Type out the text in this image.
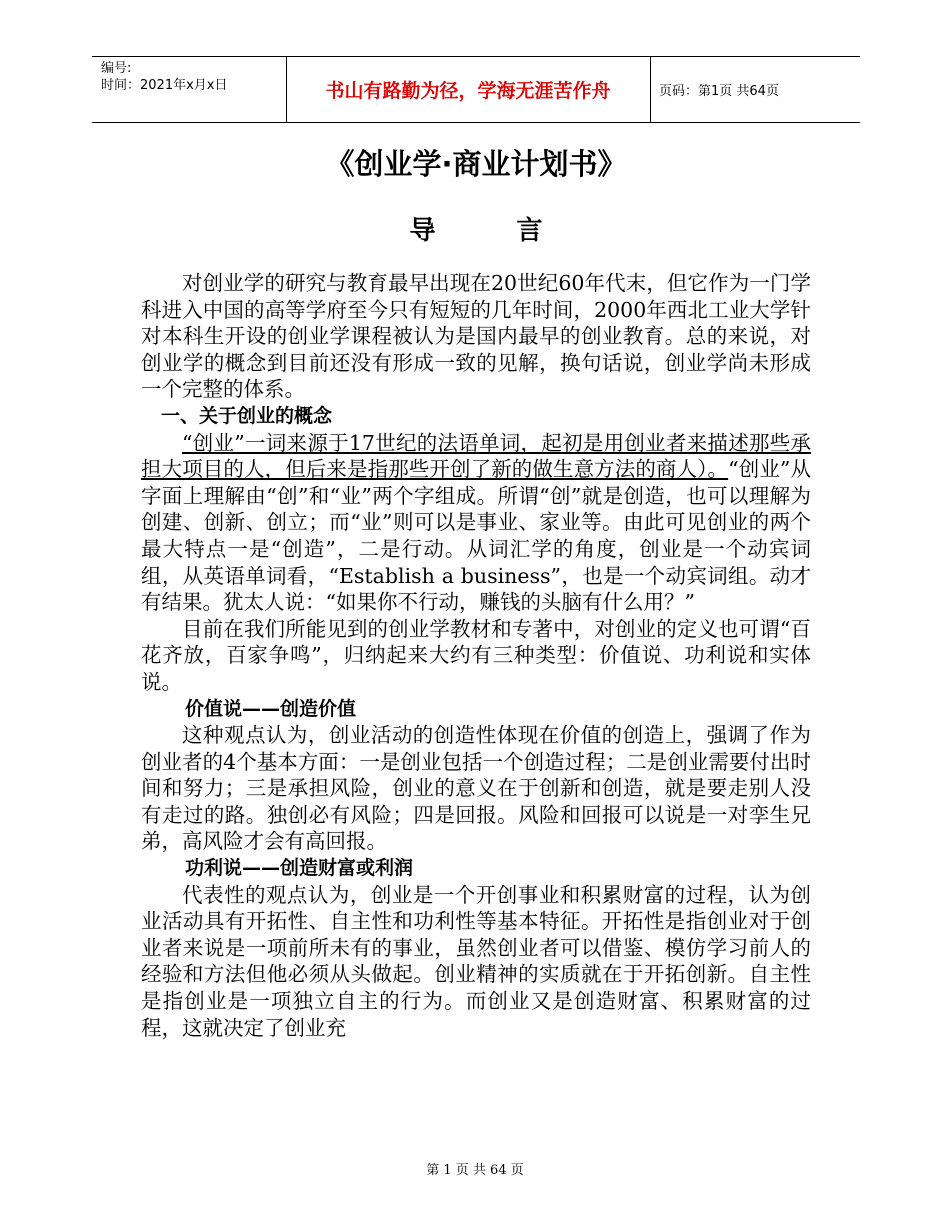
编号:
时间：2021年x月x日	书山有路勤为径，学海无涯苦作舟	页码：第1页 共64页
《创业学·商业计划书》
导 言

对创业学的研究与教育最早出现在20世纪60年代末，但它作为一门学科进入中国的高等学府至今只有短短的几年时间，2000年西北工业大学针对本科生开设的创业学课程被认为是国内最早的创业教育。总的来说，对创业学的概念到目前还没有形成一致的见解，换句话说，创业学尚未形成一个完整的体系。

一、关于创业的概念

“创业”一词来源于17世纪的法语单词，起初是用创业者来描述那些承担大项目的人，但后来是指那些开创了新的做生意方法的商人）。“创业”从字面上理解由“创”和“业”两个字组成。所谓“创”就是创造，也可以理解为创建、创新、创立；而“业”则可以是事业、家业等。由此可见创业的两个最大特点一是“创造”，二是行动。从词汇学的角度，创业是一个动宾词组，从英语单词看，“Establish a business”，也是一个动宾词组。动才有结果。犹太人说：“如果你不行动，赚钱的头脑有什么用？”

目前在我们所能见到的创业学教材和专著中，对创业的定义也可谓“百花齐放，百家争鸣”，归纳起来大约有三种类型：价值说、功利说和实体说。

价值说——创造价值

这种观点认为，创业活动的创造性体现在价值的创造上，强调了作为创业者的4个基本方面：一是创业包括一个创造过程；二是创业需要付出时间和努力；三是承担风险，创业的意义在于创新和创造，就是要走别人没有走过的路。独创必有风险；四是回报。风险和回报可以说是一对孪生兄弟，高风险才会有高回报。

功利说——创造财富或利润

代表性的观点认为，创业是一个开创事业和积累财富的过程，认为创业活动具有开拓性、自主性和功利性等基本特征。开拓性是指创业对于创业者来说是一项前所未有的事业，虽然创业者可以借鉴、模仿学习前人的经验和方法但他必须从头做起。创业精神的实质就在于开拓创新。自主性是指创业是一项独立自主的行为。而创业又是创造财富、积累财富的过程，这就决定了创业充

第 1 页 共 64 页
